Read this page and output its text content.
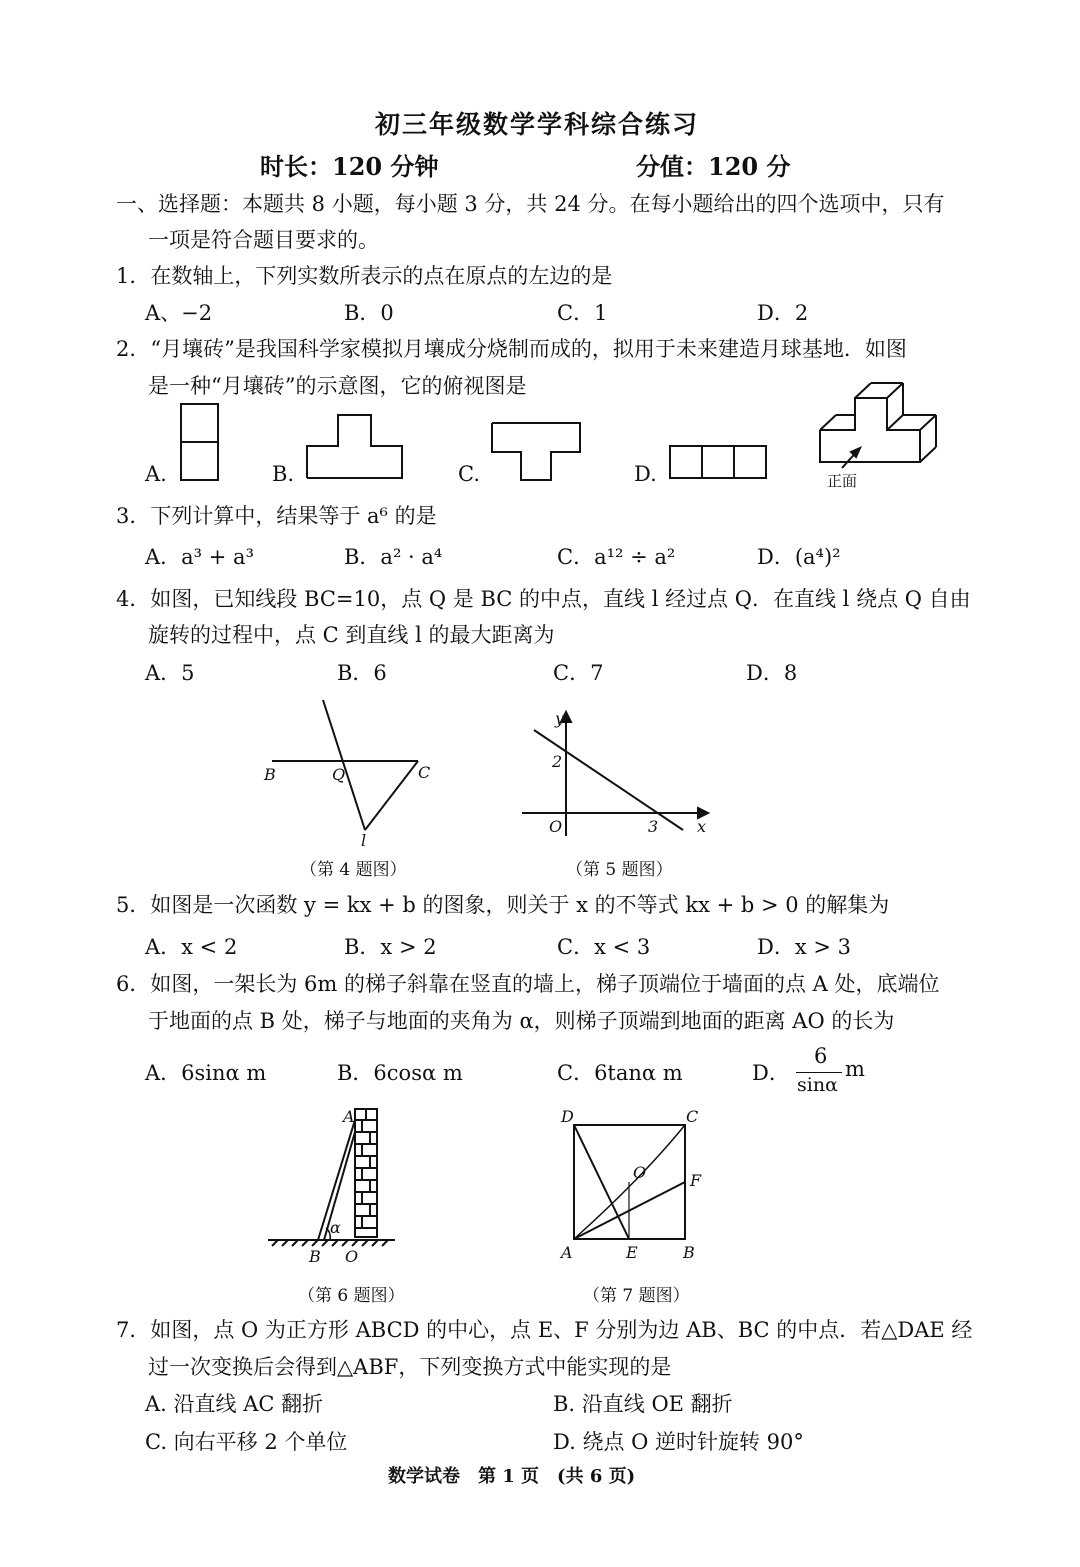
初三年级数学学科综合练习
时长：120 分钟	分值：120 分
一、选择题：本题共 8 小题，每小题 3 分，共 24 分。在每小题给出的四个选项中，只有
一项是符合题目要求的。
1．在数轴上，下列实数所表示的点在原点的左边的是
A、−2	B．0	C．1	D．2
2．“月壤砖”是我国科学家模拟月壤成分烧制而成的，拟用于未来建造月球基地．如图
是一种“月壤砖”的示意图，它的俯视图是
A.	B.	C.	D.	正面
3．下列计算中，结果等于 a⁶ 的是
A．a³ + a³	B．a² · a⁴	C．a¹² ÷ a²	D．(a⁴)²
4．如图，已知线段 BC=10，点 Q 是 BC 的中点，直线 l 经过点 Q．在直线 l 绕点 Q 自由
旋转的过程中，点 C 到直线 l 的最大距离为
A．5	B．6	C．7	D．8
B	Q	C
l
y
2
O	3 x
（第 4 题图）	（第 5 题图）
5．如图是一次函数 y = kx + b 的图象，则关于 x 的不等式 kx + b > 0 的解集为
A．x < 2	B．x > 2	C．x < 3	D．x > 3
6．如图，一架长为 6m 的梯子斜靠在竖直的墙上，梯子顶端位于墙面的点 A 处，底端位
于地面的点 B 处，梯子与地面的夹角为 α，则梯子顶端到地面的距离 AO 的长为
A．6sinα m	B．6cosα m	C．6tanα m	D．
6
sinα
m
A
α
B O
D	C
O	F
A	E	B
（第 6 题图）	（第 7 题图）
7．如图，点 O 为正方形 ABCD 的中心，点 E、F 分别为边 AB、BC 的中点．若△DAE 经
过一次变换后会得到△ABF，下列变换方式中能实现的是
A. 沿直线 AC 翻折	B. 沿直线 OE 翻折
C. 向右平移 2 个单位	D. 绕点 O 逆时针旋转 90°
数学试卷　第 1 页　(共 6 页)
